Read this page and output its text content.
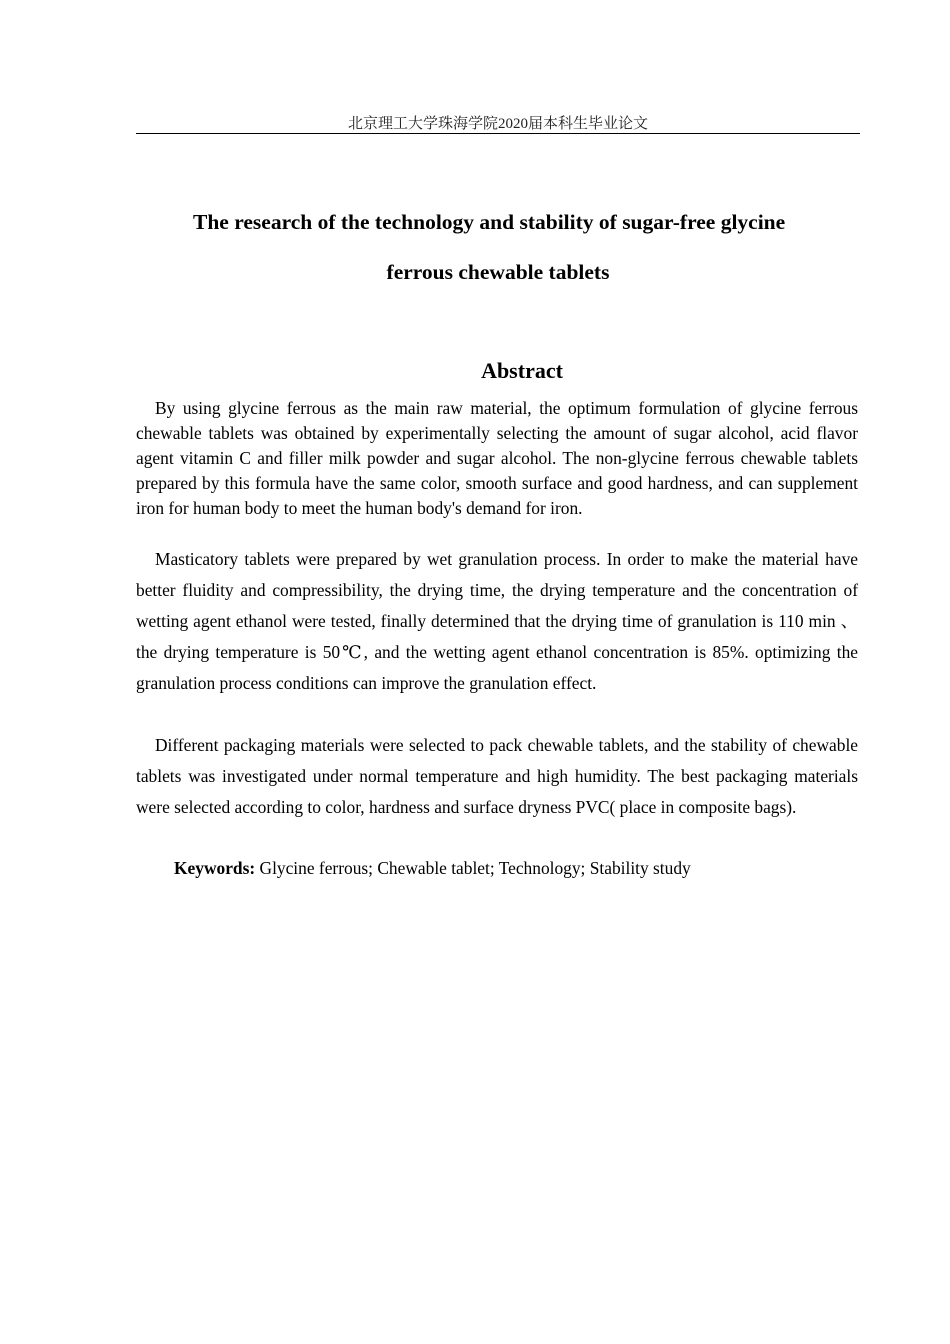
北京理工大学珠海学院2020届本科生毕业论文
The research of the technology and stability of sugar-free glycine
ferrous chewable tablets
Abstract

By using glycine ferrous as the main raw material, the optimum formulation of glycine ferrous chewable tablets was obtained by experimentally selecting the amount of sugar alcohol, acid flavor agent vitamin C and filler milk powder and sugar alcohol. The non-glycine ferrous chewable tablets prepared by this formula have the same color, smooth surface and good hardness, and can supplement iron for human body to meet the human body's demand for iron.

Masticatory tablets were prepared by wet granulation process. In order to make the material have better fluidity and compressibility, the drying time, the drying temperature and the concentration of wetting agent ethanol were tested, finally determined that the drying time of granulation is 110 min 、 the drying temperature is 50℃, and the wetting agent ethanol concentration is 85%. optimizing the granulation process conditions can improve the granulation effect.

Different packaging materials were selected to pack chewable tablets, and the stability of chewable tablets was investigated under normal temperature and high humidity. The best packaging materials were selected according to color, hardness and surface dryness PVC( place in composite bags).

Keywords: Glycine ferrous; Chewable tablet; Technology; Stability study
